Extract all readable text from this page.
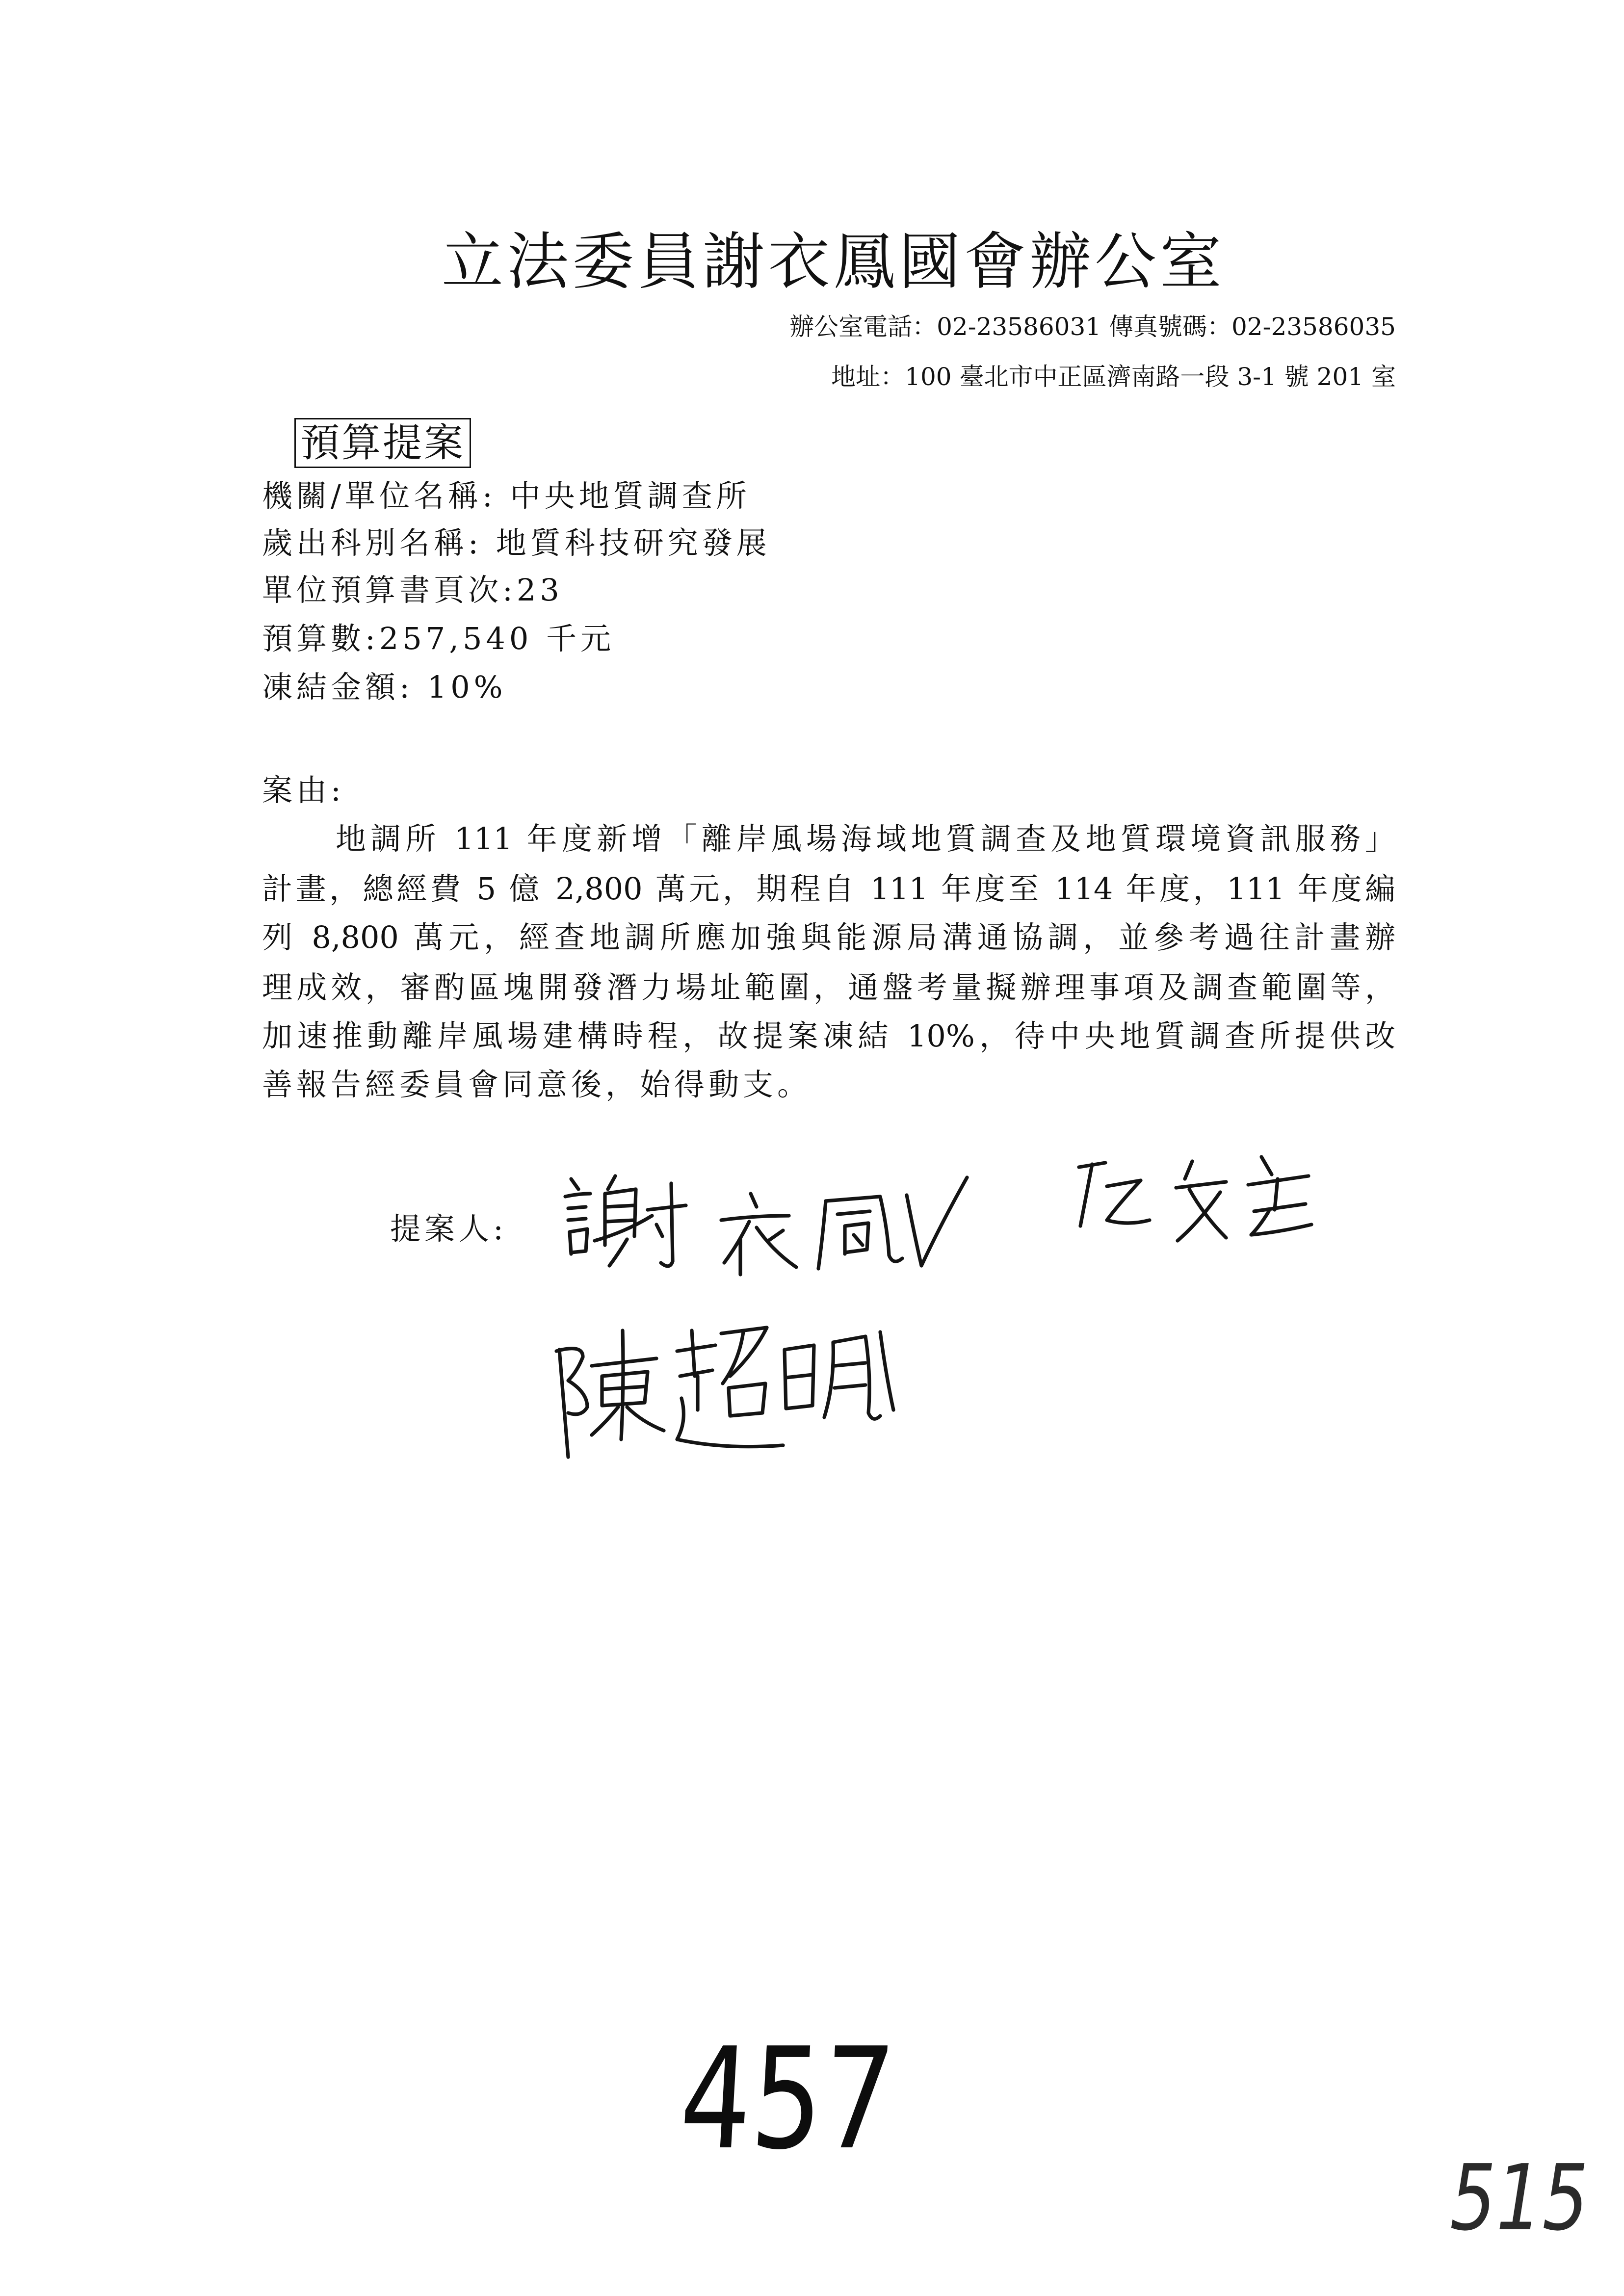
立法委員謝衣鳳國會辦公室
辦公室電話：02-23586031 傳真號碼：02-23586035
地址：100 臺北市中正區濟南路一段 3-1 號 201 室
預算提案
機關/單位名稱: 中央地質調查所
歲出科別名稱: 地質科技研究發展
單位預算書頁次:23
預算數:257,540 千元
凍結金額: 10%
案由:
地調所 111 年度新增「離岸風場海域地質調查及地質環境資訊服務」
計畫，總經費 5 億 2,800 萬元，期程自 111 年度至 114 年度，111 年度編
列 8,800 萬元，經查地調所應加強與能源局溝通協調，並參考過往計畫辦
理成效，審酌區塊開發潛力場址範圍，通盤考量擬辦理事項及調查範圍等，
加速推動離岸風場建構時程，故提案凍結 10%，待中央地質調查所提供改
善報告經委員會同意後，始得動支。
提案人:
457
515
